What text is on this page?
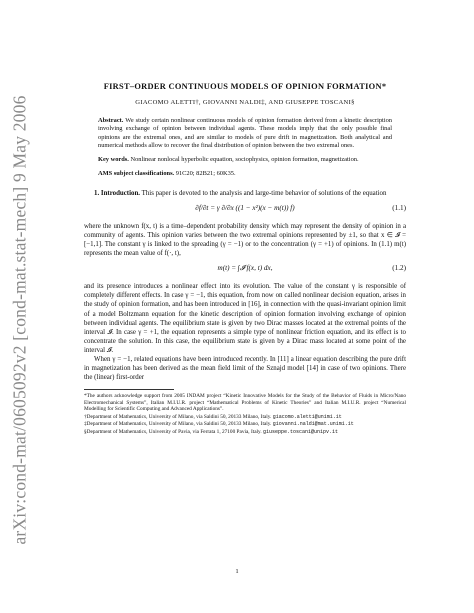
arXiv:cond-mat/0605092v2 [cond-mat.stat-mech] 9 May 2006

FIRST–ORDER CONTINUOUS MODELS OF OPINION FORMATION*

GIACOMO ALETTI†, GIOVANNI NALDI‡, AND GIUSEPPE TOSCANI§

Abstract. We study certain nonlinear continuous models of opinion formation derived from a kinetic description involving exchange of opinion between individual agents. These models imply that the only possible final opinions are the extremal ones, and are similar to models of pure drift in magnetization. Both analytical and numerical methods allow to recover the final distribution of opinion between the two extremal ones.

Key words. Nonlinear nonlocal hyperbolic equation, sociophysics, opinion formation, magnetization.

AMS subject classifications. 91C20; 82B21; 60K35.

1. Introduction. This paper is devoted to the analysis and large-time behavior of solutions of the equation

∂f/∂t = γ ∂/∂x ((1 − x²)(x − m(t)) f)	(1.1)

where the unknown f(x, t) is a time–dependent probability density which may represent the density of opinion in a community of agents. This opinion varies between the two extremal opinions represented by ±1, so that x ∈ 𝓘 = [−1,1]. The constant γ is linked to the spreading (γ = −1) or to the concentration (γ = +1) of opinions. In (1.1) m(t) represents the mean value of f(·, t),

m(t) = ∫𝓘 f(x, t) dx,	(1.2)

and its presence introduces a nonlinear effect into its evolution. The value of the constant γ is responsible of completely different effects. In case γ = −1, this equation, from now on called nonlinear decision equation, arises in the study of opinion formation, and has been introduced in [16], in connection with the quasi-invariant opinion limit of a model Boltzmann equation for the kinetic description of opinion formation involving exchange of opinion between individual agents. The equilibrium state is given by two Dirac masses located at the extremal points of the interval 𝓘. In case γ = +1, the equation represents a simple type of nonlinear friction equation, and its effect is to concentrate the solution. In this case, the equilibrium state is given by a Dirac mass located at some point of the interval 𝓘.

When γ = −1, related equations have been introduced recently. In [11] a linear equation describing the pure drift in magnetization has been derived as the mean field limit of the Sznajd model [14] in case of two opinions. There the (linear) first-order

*The authors acknowledge support from 2005 INDAM project “Kinetic Innovative Models for the Study of the Behavior of Fluids in Micro/Nano Electromechanical Systems”, Italian M.I.U.R. project “Mathematical Problems of Kinetic Theories” and Italian M.I.U.R. project “Numerical Modelling for Scientific Computing and Advanced Applications”.

†Department of Mathematics, University of Milano, via Saldini 50, 20133 Milano, Italy. giacomo.aletti@unimi.it

‡Department of Mathematics, University of Milano, via Saldini 50, 20133 Milano, Italy. giovanni.naldi@mat.unimi.it

§Department of Mathematics, University of Pavia, via Ferrata 1, 27100 Pavia, Italy. giuseppe.toscani@unipv.it

1
